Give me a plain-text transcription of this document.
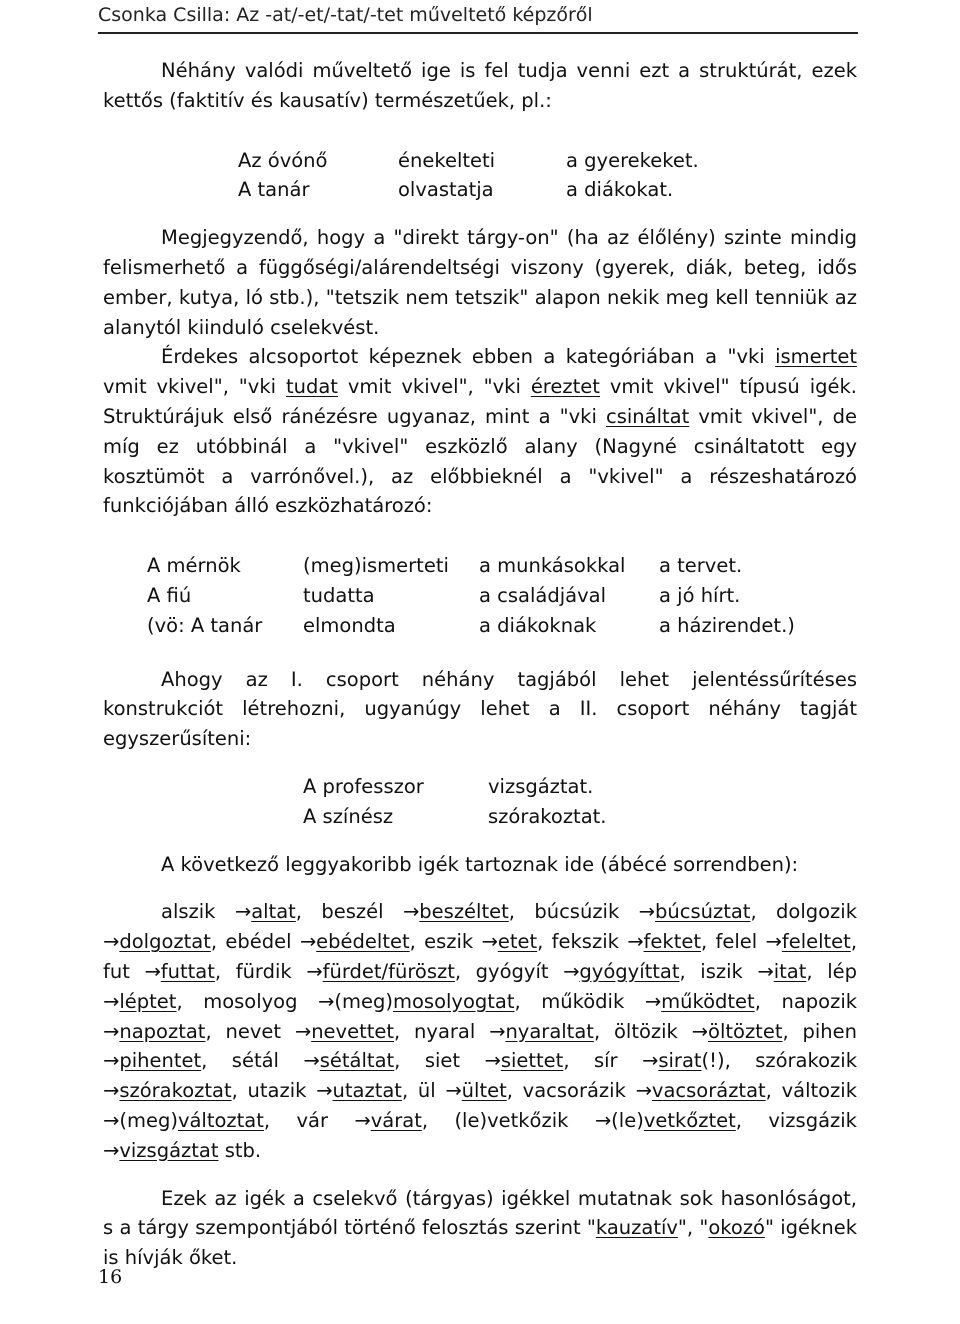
Csonka Csilla: Az -at/-et/-tat/-tet műveltető képzőről

Néhány valódi műveltető ige is fel tudja venni ezt a struktúrát, ezek kettős (faktitív és kausatív) természetűek, pl.:

Az óvónő	énekelteti	a gyerekeket.
A tanár	olvastatja	a diákokat.

Megjegyzendő, hogy a "direkt tárgy-on" (ha az élőlény) szinte mindig felismerhető a függőségi/alárendeltségi viszony (gyerek, diák, beteg, idős ember, kutya, ló stb.), "tetszik nem tetszik" alapon nekik meg kell tenniük az alanytól kiinduló cselekvést.

Érdekes alcsoportot képeznek ebben a kategóriában a "vki ismertet vmit vkivel", "vki tudat vmit vkivel", "vki éreztet vmit vkivel" típusú igék. Struktúrájuk első ránézésre ugyanaz, mint a "vki csináltat vmit vkivel", de míg ez utóbbinál a "vkivel" eszközlő alany (Nagyné csináltatott egy kosztümöt a varrónővel.), az előbbieknél a "vkivel" a részeshatározó funkciójában álló eszközhatározó:

A mérnök	(meg)ismerteti	a munkásokkal	a tervet.
A fiú	tudatta	a családjával	a jó hírt.
(vö: A tanár	elmondta	a diákoknak	a házirendet.)

Ahogy az I. csoport néhány tagjából lehet jelentéssűrítéses konstrukciót létrehozni, ugyanúgy lehet a II. csoport néhány tagját egyszerűsíteni:

A professzor	vizsgáztat.
A színész	szórakoztat.

A következő leggyakoribb igék tartoznak ide (ábécé sorrendben):

alszik → altat, beszél → beszéltet, búcsúzik → búcsúztat, dolgozik → dolgoztat, ebédel → ebédeltet, eszik → etet, fekszik → fektet, felel → feleltet, fut → futtat, fürdik → fürdet/füröszt, gyógyít → gyógyíttat, iszik → itat, lép → léptet, mosolyog → (meg)mosolyogtat, működik → működtet, napozik → napoztat, nevet → nevettet, nyaral → nyaraltat, öltözik → öltöztet, pihen → pihentet, sétál → sétáltat, siet → siettet, sír → sirat(!), szórakozik → szórakoztat, utazik → utaztat, ül → ültet, vacsorázik → vacsoráztat, változik → (meg)változtat, vár → várat, (le)vetkőzik → (le)vetkőztet, vizsgázik → vizsgáztat stb.

Ezek az igék a cselekvő (tárgyas) igékkel mutatnak sok hasonlóságot, s a tárgy szempontjából történő felosztás szerint "kauzatív", "okozó" igéknek is hívják őket.

16
